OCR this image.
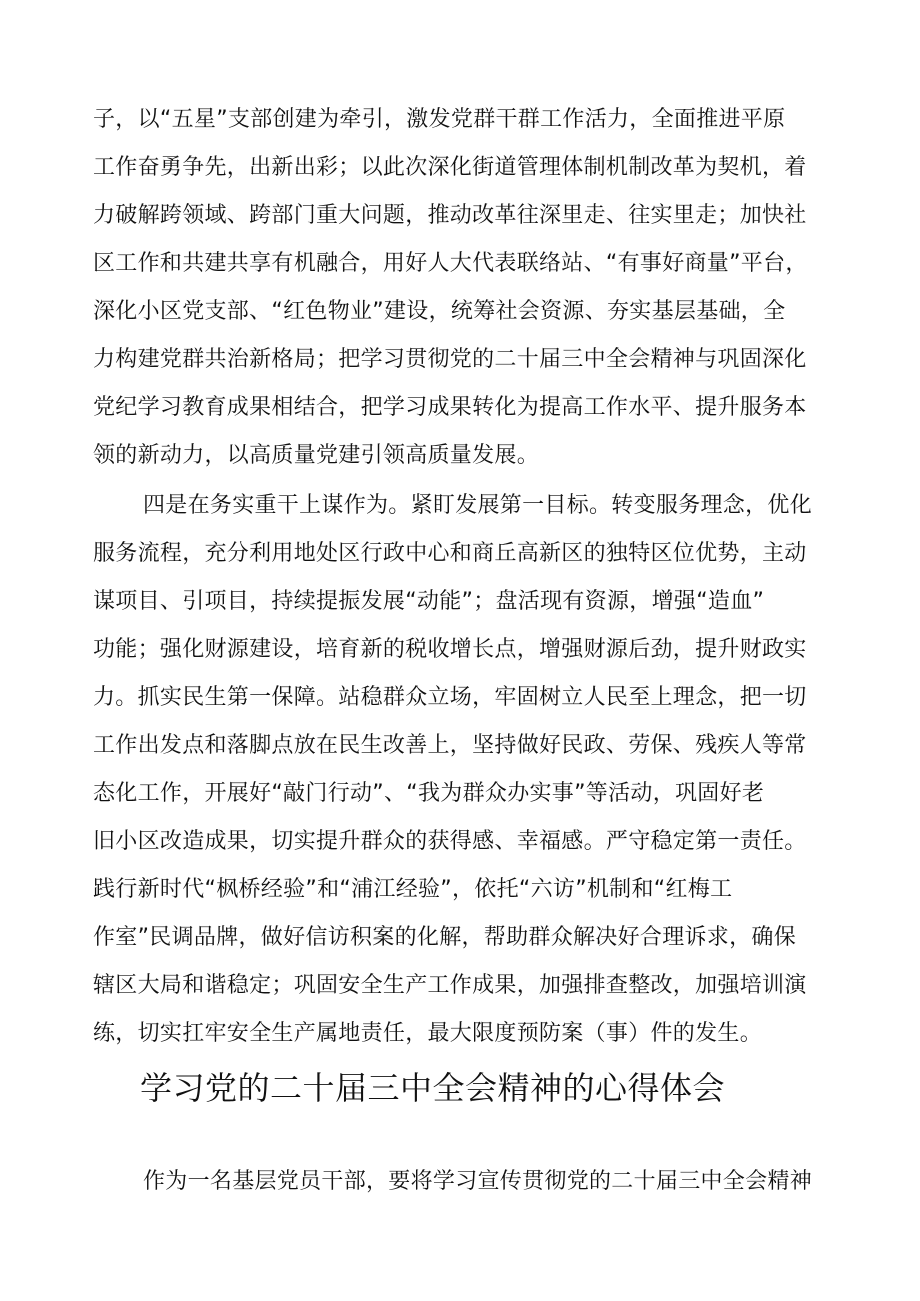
子，以“五星”支部创建为牵引，激发党群干群工作活力，全面推进平原
工作奋勇争先，出新出彩；以此次深化街道管理体制机制改革为契机，着
力破解跨领域、跨部门重大问题，推动改革往深里走、往实里走；加快社
区工作和共建共享有机融合，用好人大代表联络站、“有事好商量”平台，
深化小区党支部、“红色物业”建设，统筹社会资源、夯实基层基础，全
力构建党群共治新格局；把学习贯彻党的二十届三中全会精神与巩固深化
党纪学习教育成果相结合，把学习成果转化为提高工作水平、提升服务本
领的新动力，以高质量党建引领高质量发展。
四是在务实重干上谋作为。紧盯发展第一目标。转变服务理念，优化
服务流程，充分利用地处区行政中心和商丘高新区的独特区位优势，主动
谋项目、引项目，持续提振发展“动能”；盘活现有资源，增强“造血”
功能；强化财源建设，培育新的税收增长点，增强财源后劲，提升财政实
力。抓实民生第一保障。站稳群众立场，牢固树立人民至上理念，把一切
工作出发点和落脚点放在民生改善上，坚持做好民政、劳保、残疾人等常
态化工作，开展好“敲门行动”、“我为群众办实事”等活动，巩固好老
旧小区改造成果，切实提升群众的获得感、幸福感。严守稳定第一责任。
践行新时代“枫桥经验”和“浦江经验”，依托“六访”机制和“红梅工
作室”民调品牌，做好信访积案的化解，帮助群众解决好合理诉求，确保
辖区大局和谐稳定；巩固安全生产工作成果，加强排查整改，加强培训演
练，切实扛牢安全生产属地责任，最大限度预防案（事）件的发生。
学习党的二十届三中全会精神的心得体会
作为一名基层党员干部，要将学习宣传贯彻党的二十届三中全会精神
